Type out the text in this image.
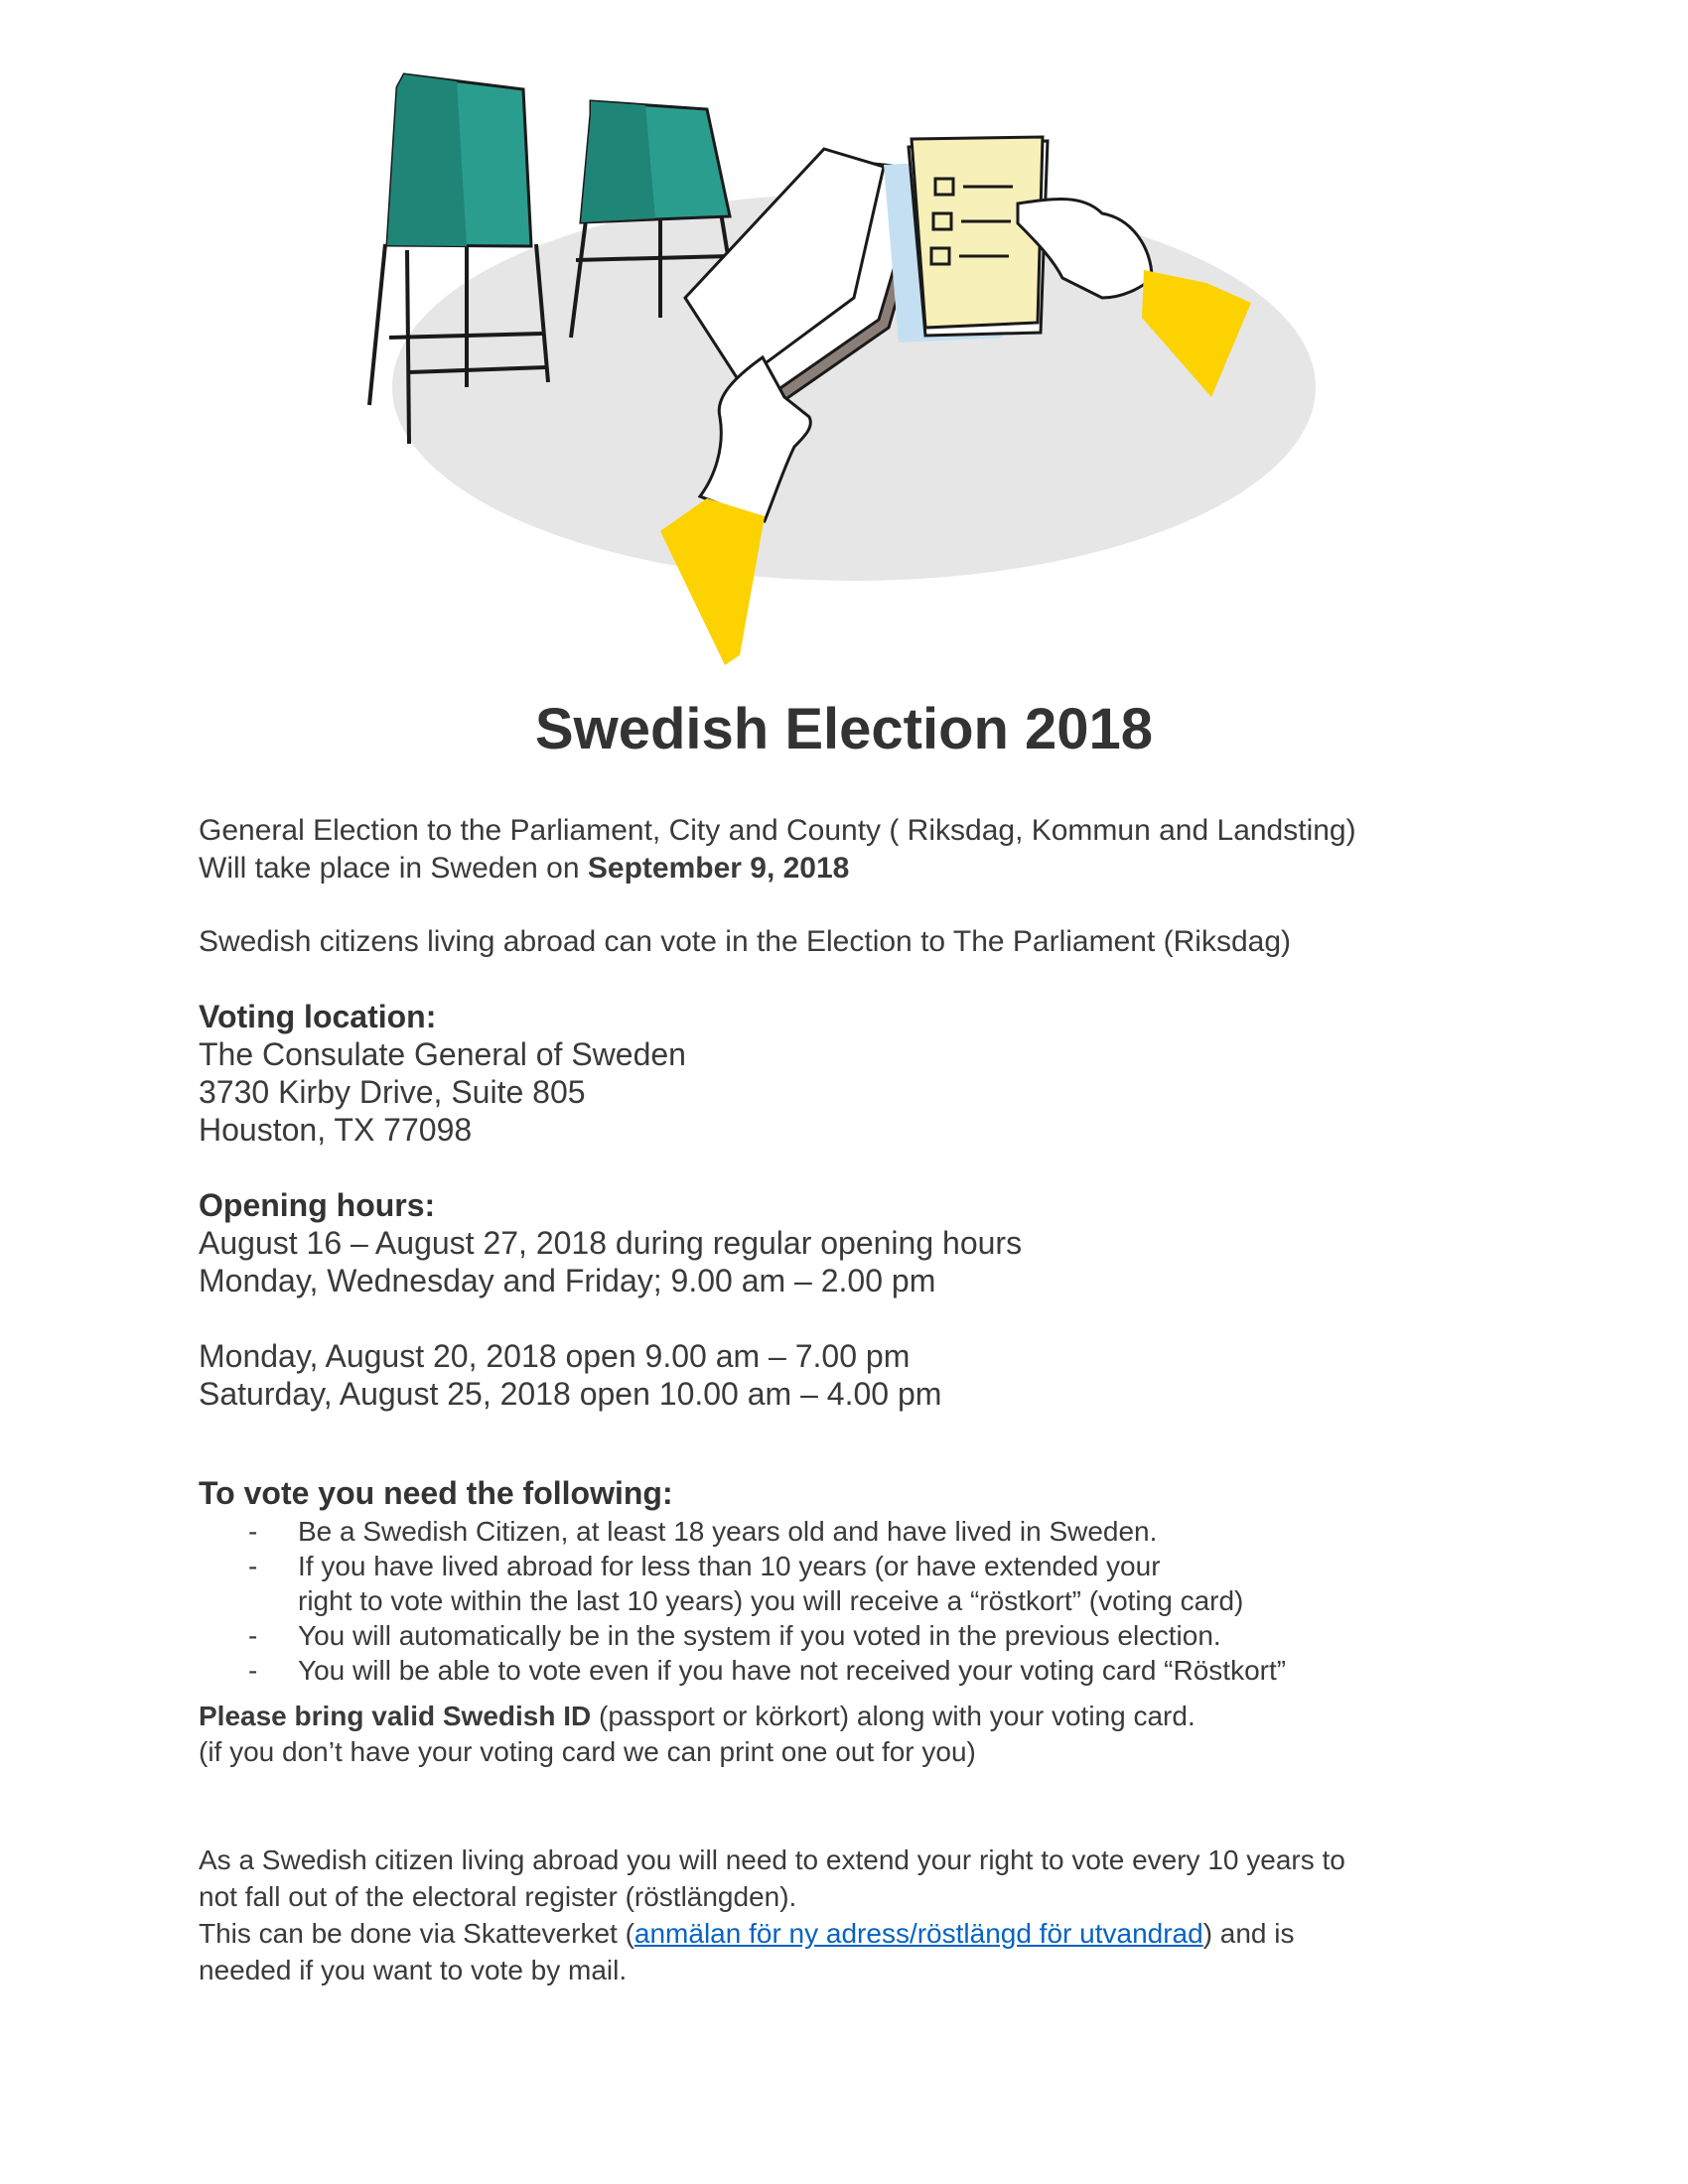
Swedish Election 2018

General Election to the Parliament, City and County ( Riksdag, Kommun and Landsting)

Will take place in Sweden on September 9, 2018

Swedish citizens living abroad can vote in the Election to The Parliament (Riksdag)

Voting location:

The Consulate General of Sweden

3730 Kirby Drive, Suite 805

Houston, TX 77098

Opening hours:

August 16 – August 27, 2018 during regular opening hours

Monday, Wednesday and Friday; 9.00 am – 2.00 pm

Monday, August 20, 2018 open 9.00 am – 7.00 pm

Saturday, August 25, 2018 open 10.00 am – 4.00 pm

To vote you need the following:

-	Be a Swedish Citizen, at least 18 years old and have lived in Sweden.
-	If you have lived abroad for less than 10 years (or have extended your
right to vote within the last 10 years) you will receive a “röstkort” (voting card)
-	You will automatically be in the system if you voted in the previous election.
-	You will be able to vote even if you have not received your voting card “Röstkort”

Please bring valid Swedish ID (passport or körkort) along with your voting card.

(if you don’t have your voting card we can print one out for you)

As a Swedish citizen living abroad you will need to extend your right to vote every 10 years to

not fall out of the electoral register (röstlängden).

This can be done via Skatteverket (anmälan för ny adress/röstlängd för utvandrad) and is

needed if you want to vote by mail.
